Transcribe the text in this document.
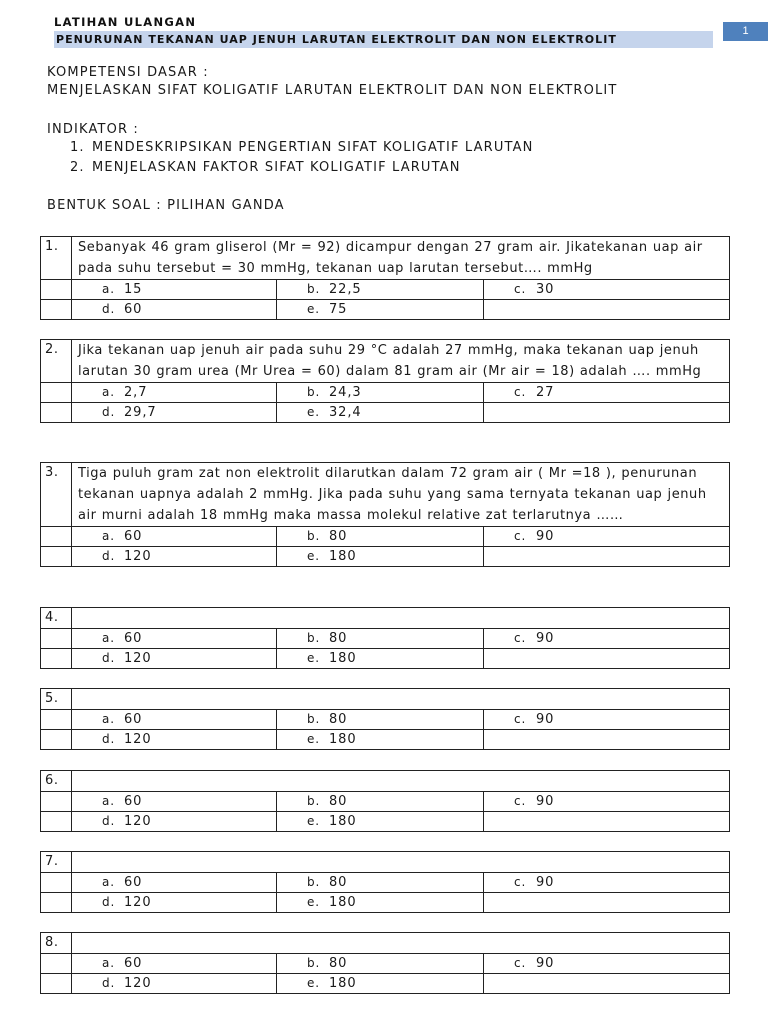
LATIHAN ULANGAN
PENURUNAN TEKANAN UAP JENUH LARUTAN ELEKTROLIT DAN NON ELEKTROLIT
1
KOMPETENSI DASAR :
MENJELASKAN SIFAT KOLIGATIF LARUTAN ELEKTROLIT DAN NON ELEKTROLIT
INDIKATOR :
1. MENDESKRIPSIKAN PENGERTIAN SIFAT KOLIGATIF LARUTAN
2. MENJELASKAN FAKTOR SIFAT KOLIGATIF LARUTAN
BENTUK SOAL : PILIHAN GANDA
1.	Sebanyak 46 gram gliserol (Mr = 92) dicampur dengan 27 gram air. Jikatekanan uap air pada suhu tersebut = 30 mmHg, tekanan uap larutan tersebut…. mmHg		

	a. 15	b. 22,5	c. 30

	d. 60	e. 75	

2.	Jika tekanan uap jenuh air pada suhu 29 °C adalah 27 mmHg, maka tekanan uap jenuh larutan 30 gram urea (Mr Urea = 60) dalam 81 gram air (Mr air = 18) adalah …. mmHg		

	a. 2,7	b. 24,3	c. 27

	d. 29,7	e. 32,4	

3.	Tiga puluh gram zat non elektrolit dilarutkan dalam 72 gram air ( Mr =18 ), penurunan tekanan uapnya adalah 2 mmHg. Jika pada suhu yang sama ternyata tekanan uap jenuh air murni adalah 18 mmHg maka massa molekul relative zat terlarutnya ……		

	a. 60	b. 80	c. 90

	d. 120	e. 180	

4.			

	a. 60	b. 80	c. 90

	d. 120	e. 180	

5.			

	a. 60	b. 80	c. 90

	d. 120	e. 180	

6.			

	a. 60	b. 80	c. 90

	d. 120	e. 180	

7.			

	a. 60	b. 80	c. 90

	d. 120	e. 180	

8.			

	a. 60	b. 80	c. 90

	d. 120	e. 180	
